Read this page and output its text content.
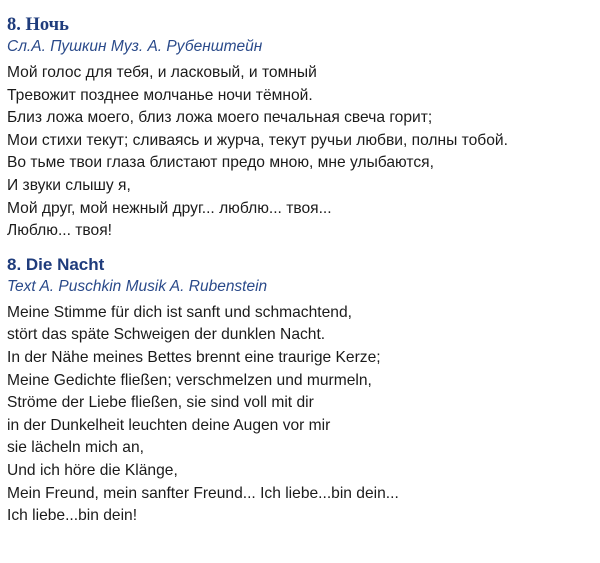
8. Ночь

Сл.А. Пушкин Муз. А. Рубенштейн

Мой голос для тебя, и ласковый, и томный
Тревожит позднее молчанье ночи тёмной.
Близ ложа моего, близ ложа моего печальная свеча горит;
Мои стихи текут; сливаясь и журча, текут ручьи любви, полны тобой.
Во тьме твои глаза блистают предо мною, мне улыбаются,
И звуки слышу я,
Мой друг, мой нежный друг... люблю... твоя...
Люблю... твоя!
8. Die Nacht

Text A. Puschkin Musik A. Rubenstein

Meine Stimme für dich ist sanft und schmachtend,
stört das späte Schweigen der dunklen Nacht.
In der Nähe meines Bettes brennt eine traurige Kerze;
Meine Gedichte fließen; verschmelzen und murmeln,
Ströme der Liebe fließen, sie sind voll mit dir
in der Dunkelheit leuchten deine Augen vor mir
sie lächeln mich an,
Und ich höre die Klänge,
Mein Freund, mein sanfter Freund... Ich liebe...bin dein...
Ich liebe...bin dein!
